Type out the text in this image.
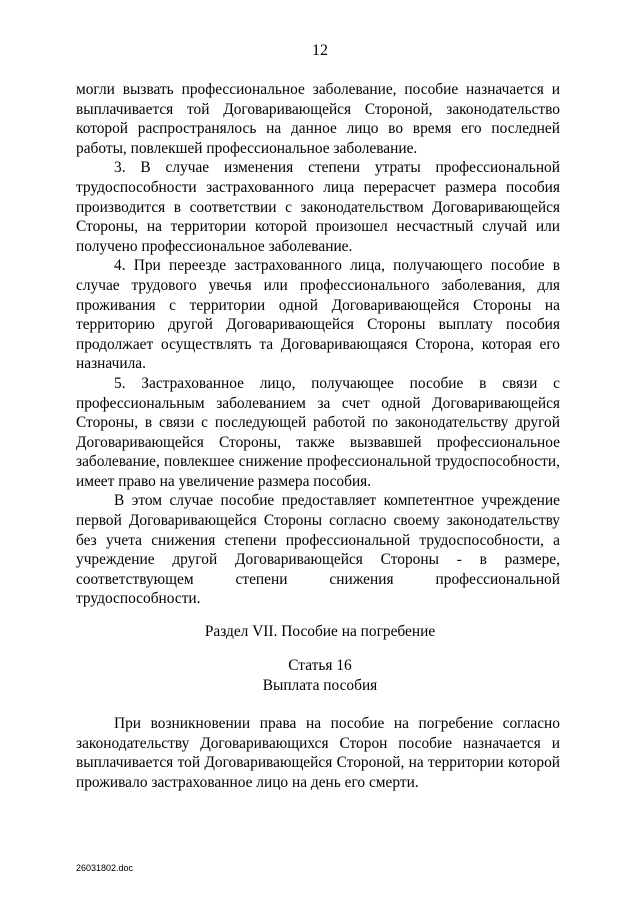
12

могли вызвать профессиональное заболевание, пособие назначается и выплачивается той Договаривающейся Стороной, законодательство которой распространялось на данное лицо во время его последней работы, повлекшей профессиональное заболевание.

3. В случае изменения степени утраты профессиональной трудоспособности застрахованного лица перерасчет размера пособия производится в соответствии с законодательством Договаривающейся Стороны, на территории которой произошел несчастный случай или получено профессиональное заболевание.

4. При переезде застрахованного лица, получающего пособие в случае трудового увечья или профессионального заболевания, для проживания с территории одной Договаривающейся Стороны на территорию другой Договаривающейся Стороны выплату пособия продолжает осуществлять та Договаривающаяся Сторона, которая его назначила.

5. Застрахованное лицо, получающее пособие в связи с профессиональным заболеванием за счет одной Договаривающейся Стороны, в связи с последующей работой по законодательству другой Договаривающейся Стороны, также вызвавшей профессиональное заболевание, повлекшее снижение профессиональной трудоспособности, имеет право на увеличение размера пособия.

В этом случае пособие предоставляет компетентное учреждение первой Договаривающейся Стороны согласно своему законодательству без учета снижения степени профессиональной трудоспособности, а учреждение другой Договаривающейся Стороны - в размере, соответствующем степени снижения профессиональной трудоспособности.

Раздел VII. Пособие на погребение
Статья 16
Выплата пособия

При возникновении права на пособие на погребение согласно законодательству Договаривающихся Сторон пособие назначается и выплачивается той Договаривающейся Стороной, на территории которой проживало застрахованное лицо на день его смерти.

26031802.doc
